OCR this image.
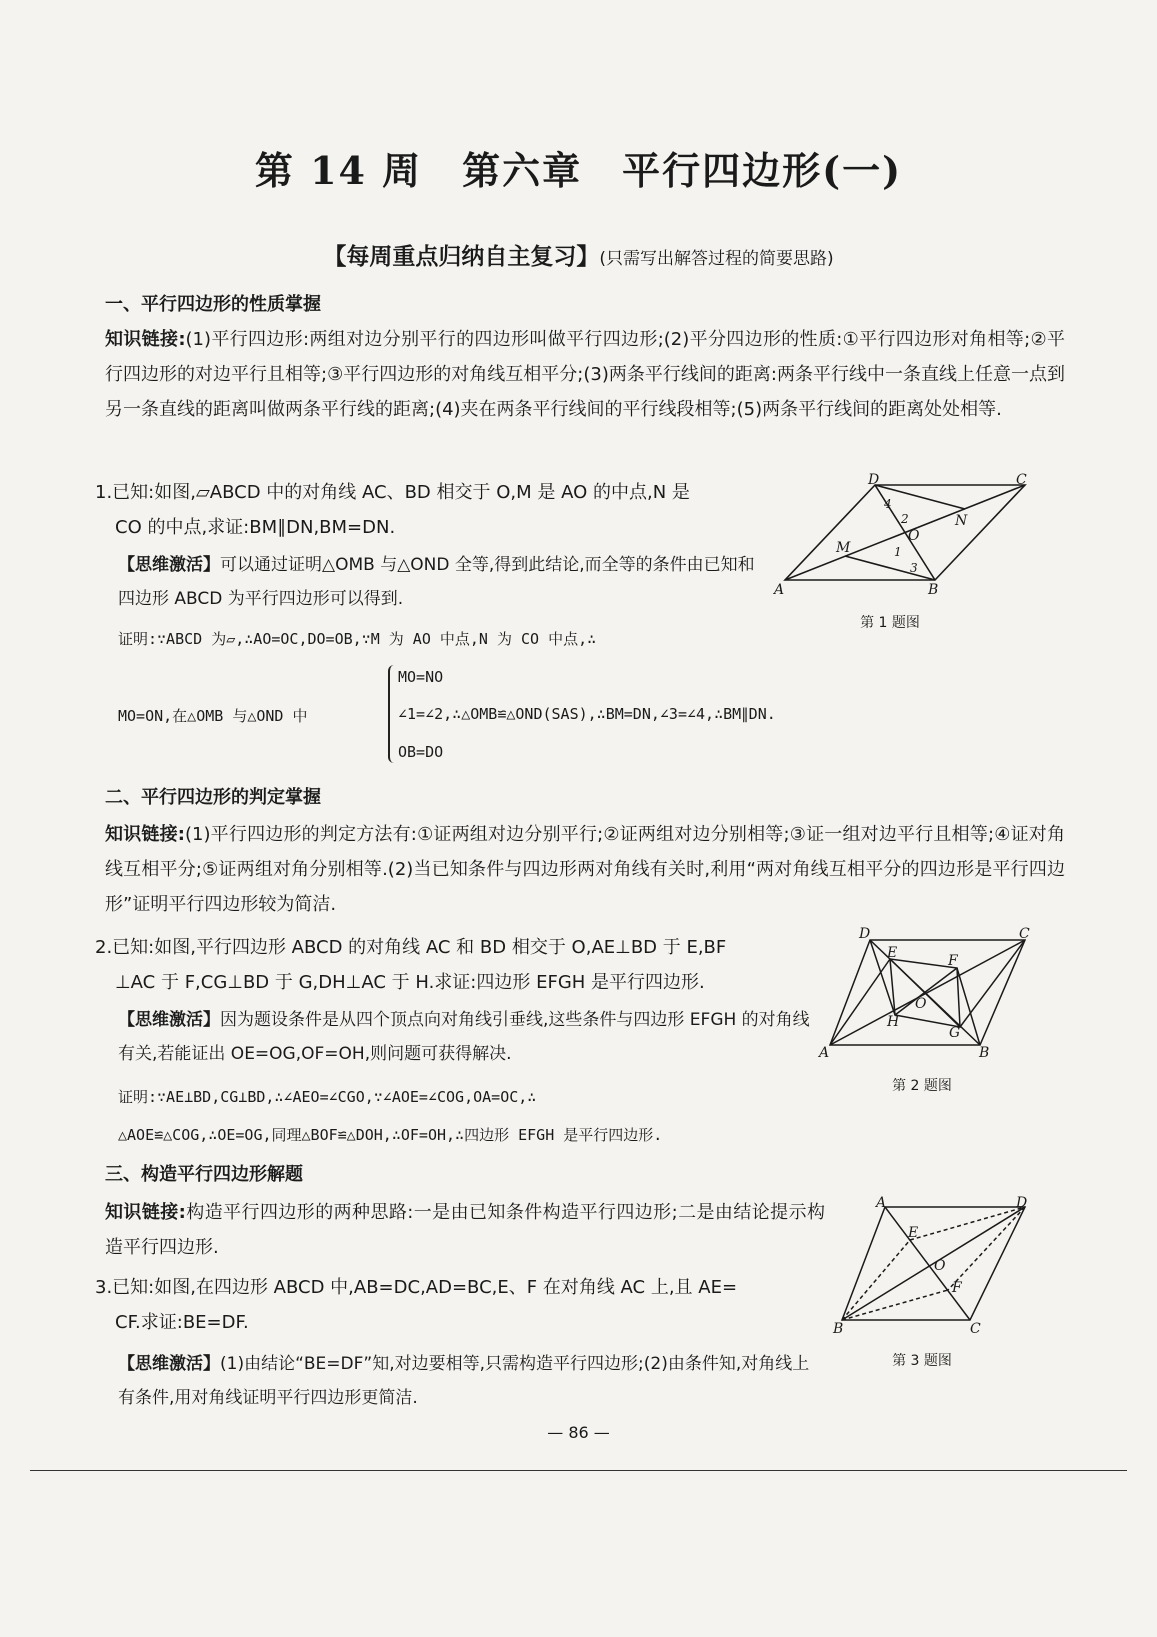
第 14 周　第六章　平行四边形(一)
【每周重点归纳自主复习】(只需写出解答过程的简要思路)
一、平行四边形的性质掌握
知识链接:(1)平行四边形:两组对边分别平行的四边形叫做平行四边形;(2)平分四边形的性质:①平行四边形对角相等;②平行四边形的对边平行且相等;③平行四边形的对角线互相平分;(3)两条平行线间的距离:两条平行线中一条直线上任意一点到另一条直线的距离叫做两条平行线的距离;(4)夹在两条平行线间的平行线段相等;(5)两条平行线间的距离处处相等.
1.已知:如图,▱ABCD 中的对角线 AC、BD 相交于 O,M 是 AO 的中点,N 是
CO 的中点,求证:BM∥DN,BM=DN.
【思维激活】可以通过证明△OMB 与△OND 全等,得到此结论,而全等的条件由已知和四边形 ABCD 为平行四边形可以得到.
证明:∵ABCD 为▱,∴AO=OC,DO=OB,∵M 为 AO 中点,N 为 CO 中点,∴
MO=ON,在△OMB 与△OND 中
MO=NO
∠1=∠2,∴△OMB≌△OND(SAS),∴BM=DN,∠3=∠4,∴BM∥DN.
OB=DO
A	B
C
D
O
M
N
1
2
3
4
第 1 题图
二、平行四边形的判定掌握
知识链接:(1)平行四边形的判定方法有:①证两组对边分别平行;②证两组对边分别相等;③证一组对边平行且相等;④证对角线互相平分;⑤证两组对角分别相等.(2)当已知条件与四边形两对角线有关时,利用“两对角线互相平分的四边形是平行四边形”证明平行四边形较为简洁.
2.已知:如图,平行四边形 ABCD 的对角线 AC 和 BD 相交于 O,AE⊥BD 于 E,BF
⊥AC 于 F,CG⊥BD 于 G,DH⊥AC 于 H.求证:四边形 EFGH 是平行四边形.
【思维激活】因为题设条件是从四个顶点向对角线引垂线,这些条件与四边形 EFGH 的对角线有关,若能证出 OE=OG,OF=OH,则问题可获得解决.
证明:∵AE⊥BD,CG⊥BD,∴∠AEO=∠CGO,∵∠AOE=∠COG,OA=OC,∴
△AOE≌△COG,∴OE=OG,同理△BOF≌△DOH,∴OF=OH,∴四边形 EFGH 是平行四边形.
A	B
C
D
O
E	F
G
H
第 2 题图
三、构造平行四边形解题
知识链接:构造平行四边形的两种思路:一是由已知条件构造平行四边形;二是由结论提示构造平行四边形.
3.已知:如图,在四边形 ABCD 中,AB=DC,AD=BC,E、F 在对角线 AC 上,且 AE=
CF.求证:BE=DF.
【思维激活】(1)由结论“BE=DF”知,对边要相等,只需构造平行四边形;(2)由条件知,对角线上有条件,用对角线证明平行四边形更简洁.
A
B	C
D
O
E
F
第 3 题图
— 86 —
